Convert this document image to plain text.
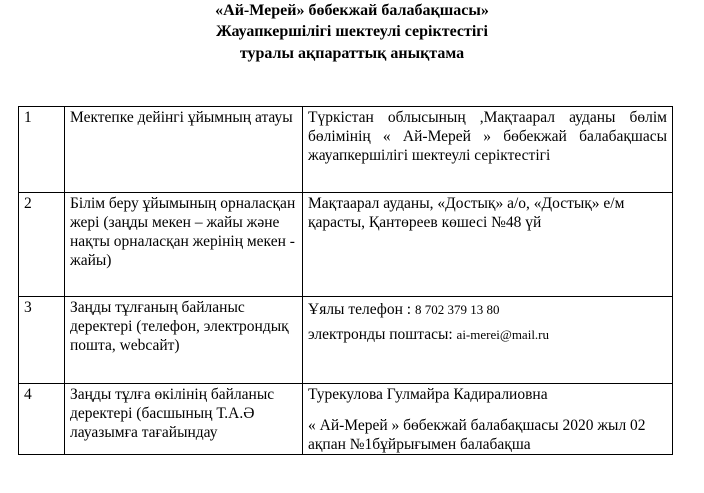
«Ай-Мерей» бөбекжай балабақшасы»
Жауапкершілігі шектеулі серіктестігі
туралы ақпараттық анықтама
1	Мектепке дейінгі ұйымның атауы	Түркістан облысының ,Мақтаарал ауданы бөлім бөлімінің « Ай-Мерей » бөбекжай балабақшасы жауапкершілігі шектеулі серіктестігі
2	Білім беру ұйымының орналасқан жері (заңды мекен – жайы және нақты орналасқан жерінің мекен - жайы)	Мақтаарал ауданы, «Достық» а/о, «Достық» е/м қарасты, Қантөреев көшесі №48 үй
3	Заңды тұлғаның байланыс деректері (телефон, электрондық пошта, webсайт)	Ұялы телефон : 8 702 379 13 80
электронды поштасы: ai-merei@mail.ru

4	Заңды тұлға өкілінің байланыс деректері (басшының Т.А.Ә лауазымға тағайындау	Турекулова Гулмайра Кадиралиовна
« Ай-Мерей » бөбекжай балабақшасы 2020 жыл 02 ақпан №1бұйрығымен балабақша
